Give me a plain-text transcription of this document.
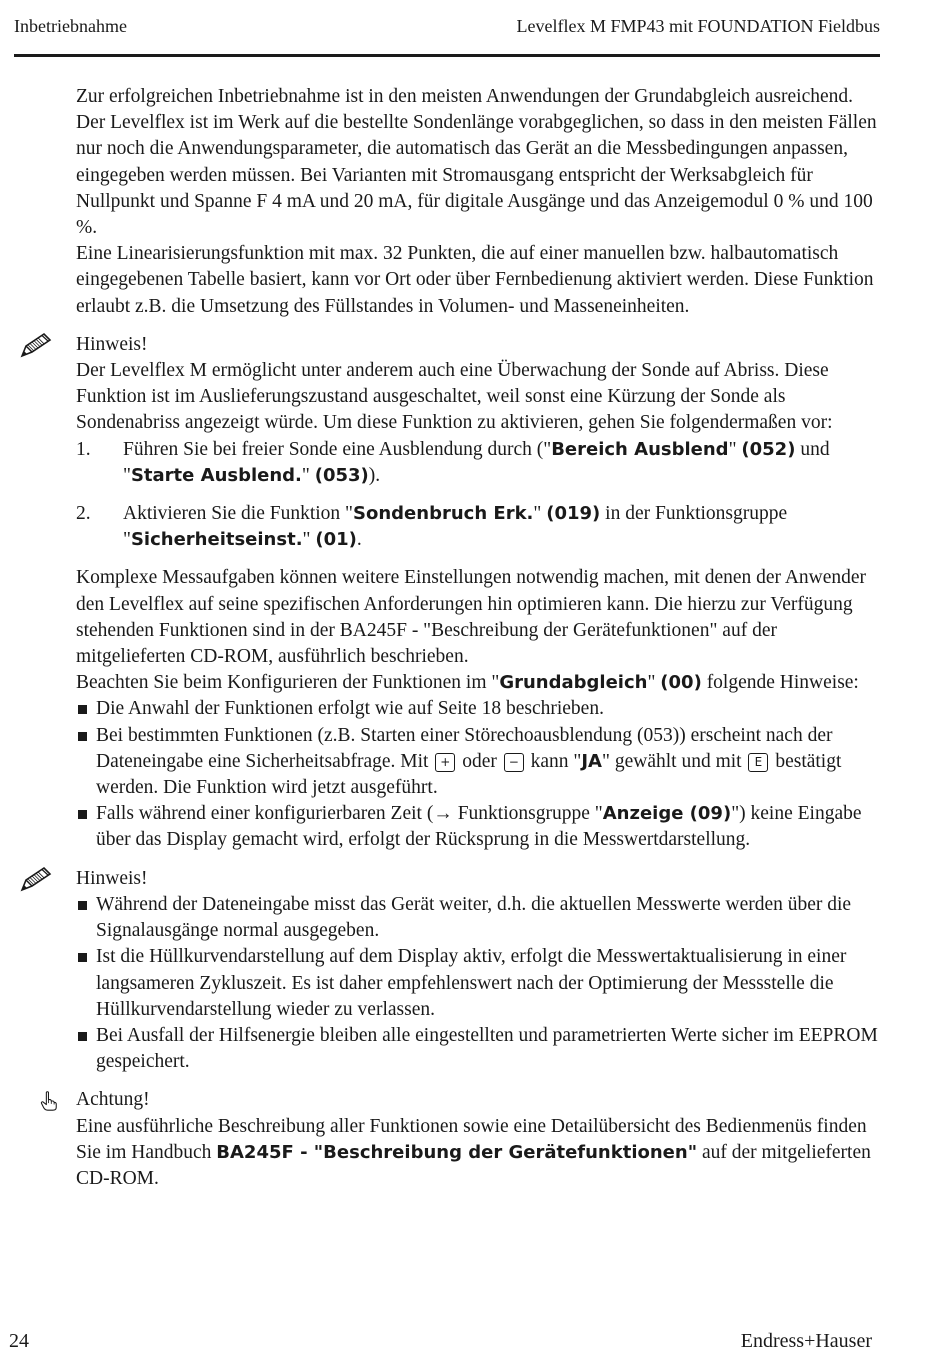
Inbetriebnahme	Levelflex M FMP43 mit FOUNDATION Fieldbus

Zur erfolgreichen Inbetriebnahme ist in den meisten Anwendungen der Grundabgleich ausreichend.

Der Levelflex ist im Werk auf die bestellte Sondenlänge vorabgeglichen, so dass in den meisten Fällen nur noch die Anwendungsparameter, die automatisch das Gerät an die Messbedingungen anpassen, eingegeben werden müssen. Bei Varianten mit Stromausgang entspricht der Werksabgleich für Nullpunkt und Spanne F 4 mA und 20 mA, für digitale Ausgänge und das Anzeigemodul 0 % und 100 %.

Eine Linearisierungsfunktion mit max. 32 Punkten, die auf einer manuellen bzw. halbautomatisch eingegebenen Tabelle basiert, kann vor Ort oder über Fernbedienung aktiviert werden. Diese Funktion erlaubt z.B. die Umsetzung des Füllstandes in Volumen- und Masseneinheiten.

Hinweis!

Der Levelflex M ermöglicht unter anderem auch eine Überwachung der Sonde auf Abriss. Diese Funktion ist im Auslieferungszustand ausgeschaltet, weil sonst eine Kürzung der Sonde als Sondenabriss angezeigt würde. Um diese Funktion zu aktivieren, gehen Sie folgendermaßen vor:

1. Führen Sie bei freier Sonde eine Ausblendung durch ("Bereich Ausblend" (052) und "Starte Ausblend." (053)).
2. Aktivieren Sie die Funktion "Sondenbruch Erk." (019) in der Funktionsgruppe "Sicherheitseinst." (01).

Komplexe Messaufgaben können weitere Einstellungen notwendig machen, mit denen der Anwender den Levelflex auf seine spezifischen Anforderungen hin optimieren kann. Die hierzu zur Verfügung stehenden Funktionen sind in der BA245F - "Beschreibung der Gerätefunktionen" auf der mitgelieferten CD-ROM, ausführlich beschrieben.

Beachten Sie beim Konfigurieren der Funktionen im "Grundabgleich" (00) folgende Hinweise:

Die Anwahl der Funktionen erfolgt wie auf Seite 18 beschrieben.
Bei bestimmten Funktionen (z.B. Starten einer Störechoausblendung (053)) erscheint nach der Dateneingabe eine Sicherheitsabfrage. Mit + oder − kann "JA" gewählt und mit E bestätigt werden. Die Funktion wird jetzt ausgeführt.
Falls während einer konfigurierbaren Zeit (→ Funktionsgruppe "Anzeige (09)") keine Eingabe über das Display gemacht wird, erfolgt der Rücksprung in die Messwertdarstellung.

Hinweis!

Während der Dateneingabe misst das Gerät weiter, d.h. die aktuellen Messwerte werden über die Signalausgänge normal ausgegeben.
Ist die Hüllkurvendarstellung auf dem Display aktiv, erfolgt die Messwertaktualisierung in einer langsameren Zykluszeit. Es ist daher empfehlenswert nach der Optimierung der Messstelle die Hüllkurvendarstellung wieder zu verlassen.
Bei Ausfall der Hilfsenergie bleiben alle eingestellten und parametrierten Werte sicher im EEPROM gespeichert.

Achtung!

Eine ausführliche Beschreibung aller Funktionen sowie eine Detailübersicht des Bedienmenüs finden Sie im Handbuch BA245F - "Beschreibung der Gerätefunktionen" auf der mitgelieferten CD-ROM.

24	Endress+Hauser
